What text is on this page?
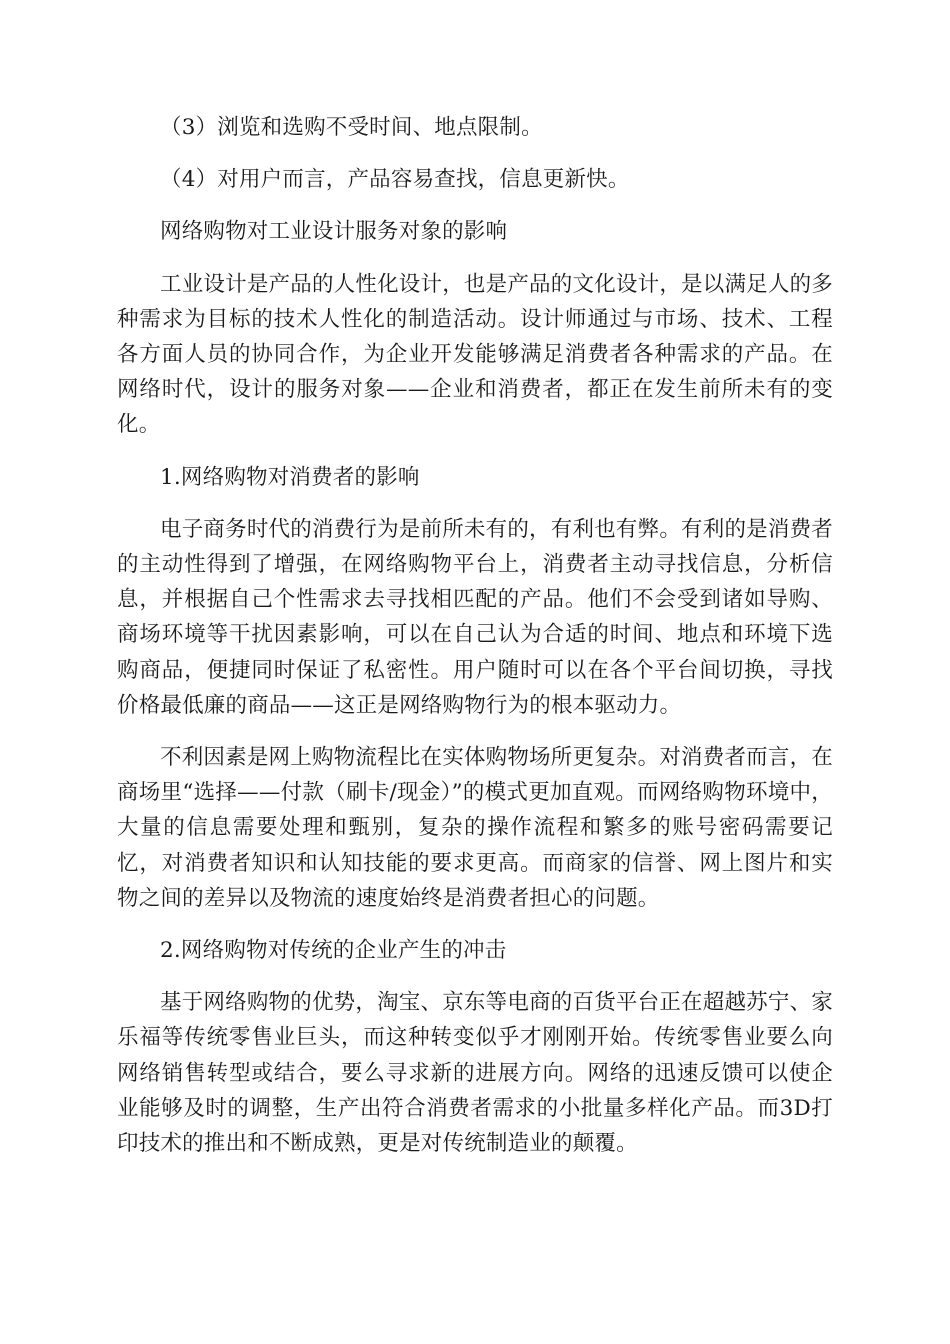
（3）浏览和选购不受时间、地点限制。

（4）对用户而言，产品容易查找，信息更新快。

网络购物对工业设计服务对象的影响

工业设计是产品的人性化设计，也是产品的文化设计，是以满足人的多种需求为目标的技术人性化的制造活动。设计师通过与市场、技术、工程各方面人员的协同合作，为企业开发能够满足消费者各种需求的产品。在网络时代，设计的服务对象——企业和消费者，都正在发生前所未有的变化。

1.网络购物对消费者的影响

电子商务时代的消费行为是前所未有的，有利也有弊。有利的是消费者的主动性得到了增强，在网络购物平台上，消费者主动寻找信息，分析信息，并根据自己个性需求去寻找相匹配的产品。他们不会受到诸如导购、商场环境等干扰因素影响，可以在自己认为合适的时间、地点和环境下选购商品，便捷同时保证了私密性。用户随时可以在各个平台间切换，寻找价格最低廉的商品——这正是网络购物行为的根本驱动力。

不利因素是网上购物流程比在实体购物场所更复杂。对消费者而言，在商场里“选择——付款（刷卡/现金）”的模式更加直观。而网络购物环境中，大量的信息需要处理和甄别，复杂的操作流程和繁多的账号密码需要记忆，对消费者知识和认知技能的要求更高。而商家的信誉、网上图片和实物之间的差异以及物流的速度始终是消费者担心的问题。

2.网络购物对传统的企业产生的冲击

基于网络购物的优势，淘宝、京东等电商的百货平台正在超越苏宁、家乐福等传统零售业巨头，而这种转变似乎才刚刚开始。传统零售业要么向网络销售转型或结合，要么寻求新的进展方向。网络的迅速反馈可以使企业能够及时的调整，生产出符合消费者需求的小批量多样化产品。而3D打印技术的推出和不断成熟，更是对传统制造业的颠覆。
